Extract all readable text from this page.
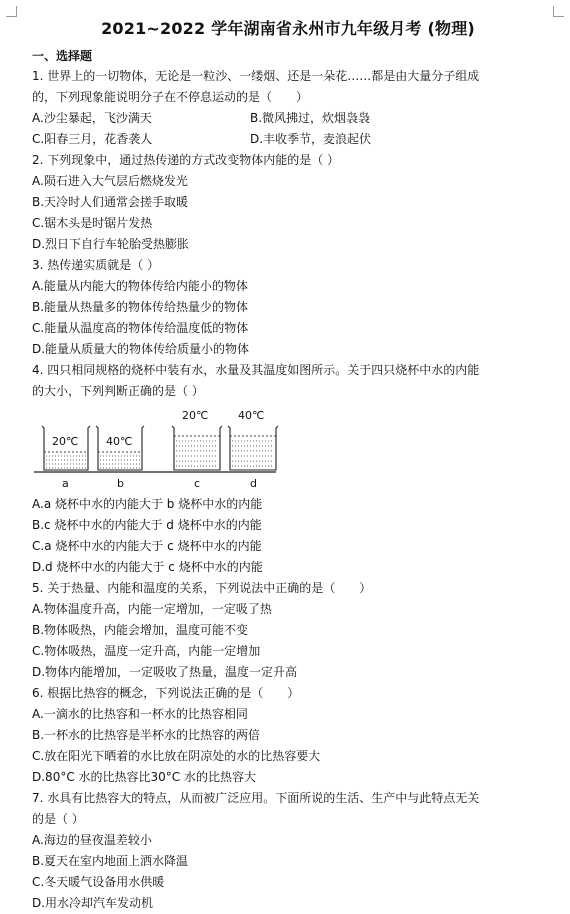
2021~2022 学年湖南省永州市九年级月考 (物理)
一、选择题
1. 世界上的一切物体，无论是一粒沙、一缕烟、还是一朵花……都是由大量分子组成
的，下列现象能说明分子在不停息运动的是（　　）
A.沙尘暴起，飞沙满天	B.微风拂过，炊烟袅袅
C.阳春三月，花香袭人	D.丰收季节，麦浪起伏
2. 下列现象中，通过热传递的方式改变物体内能的是（ ）
A.陨石进入大气层后燃烧发光
B.天冷时人们通常会搓手取暖
C.锯木头是时锯片发热
D.烈日下自行车轮胎受热膨胀
3. 热传递实质就是（ ）
A.能量从内能大的物体传给内能小的物体
B.能量从热量多的物体传给热量少的物体
C.能量从温度高的物体传给温度低的物体
D.能量从质量大的物体传给质量小的物体
4. 四只相同规格的烧杯中装有水，水量及其温度如图所示。关于四只烧杯中水的内能
的大小，下列判断正确的是（ ）
20℃	40℃
20℃	40℃
a	b	c	d
A.a 烧杯中水的内能大于 b 烧杯中水的内能
B.c 烧杯中水的内能大于 d 烧杯中水的内能
C.a 烧杯中水的内能大于 c 烧杯中水的内能
D.d 烧杯中水的内能大于 c 烧杯中水的内能
5. 关于热量、内能和温度的关系，下列说法中正确的是（　　）
A.物体温度升高，内能一定增加，一定吸了热
B.物体吸热，内能会增加，温度可能不变
C.物体吸热，温度一定升高，内能一定增加
D.物体内能增加，一定吸收了热量，温度一定升高
6. 根据比热容的概念，下列说法正确的是（　　）
A.一滴水的比热容和一杯水的比热容相同
B.一杯水的比热容是半杯水的比热容的两倍
C.放在阳光下晒着的水比放在阴凉处的水的比热容要大
D.80°C 水的比热容比30°C 水的比热容大
7. 水具有比热容大的特点，从而被广泛应用。下面所说的生活、生产中与此特点无关
的是（ ）
A.海边的昼夜温差较小
B.夏天在室内地面上洒水降温
C.冬天暖气设备用水供暖
D.用水冷却汽车发动机
